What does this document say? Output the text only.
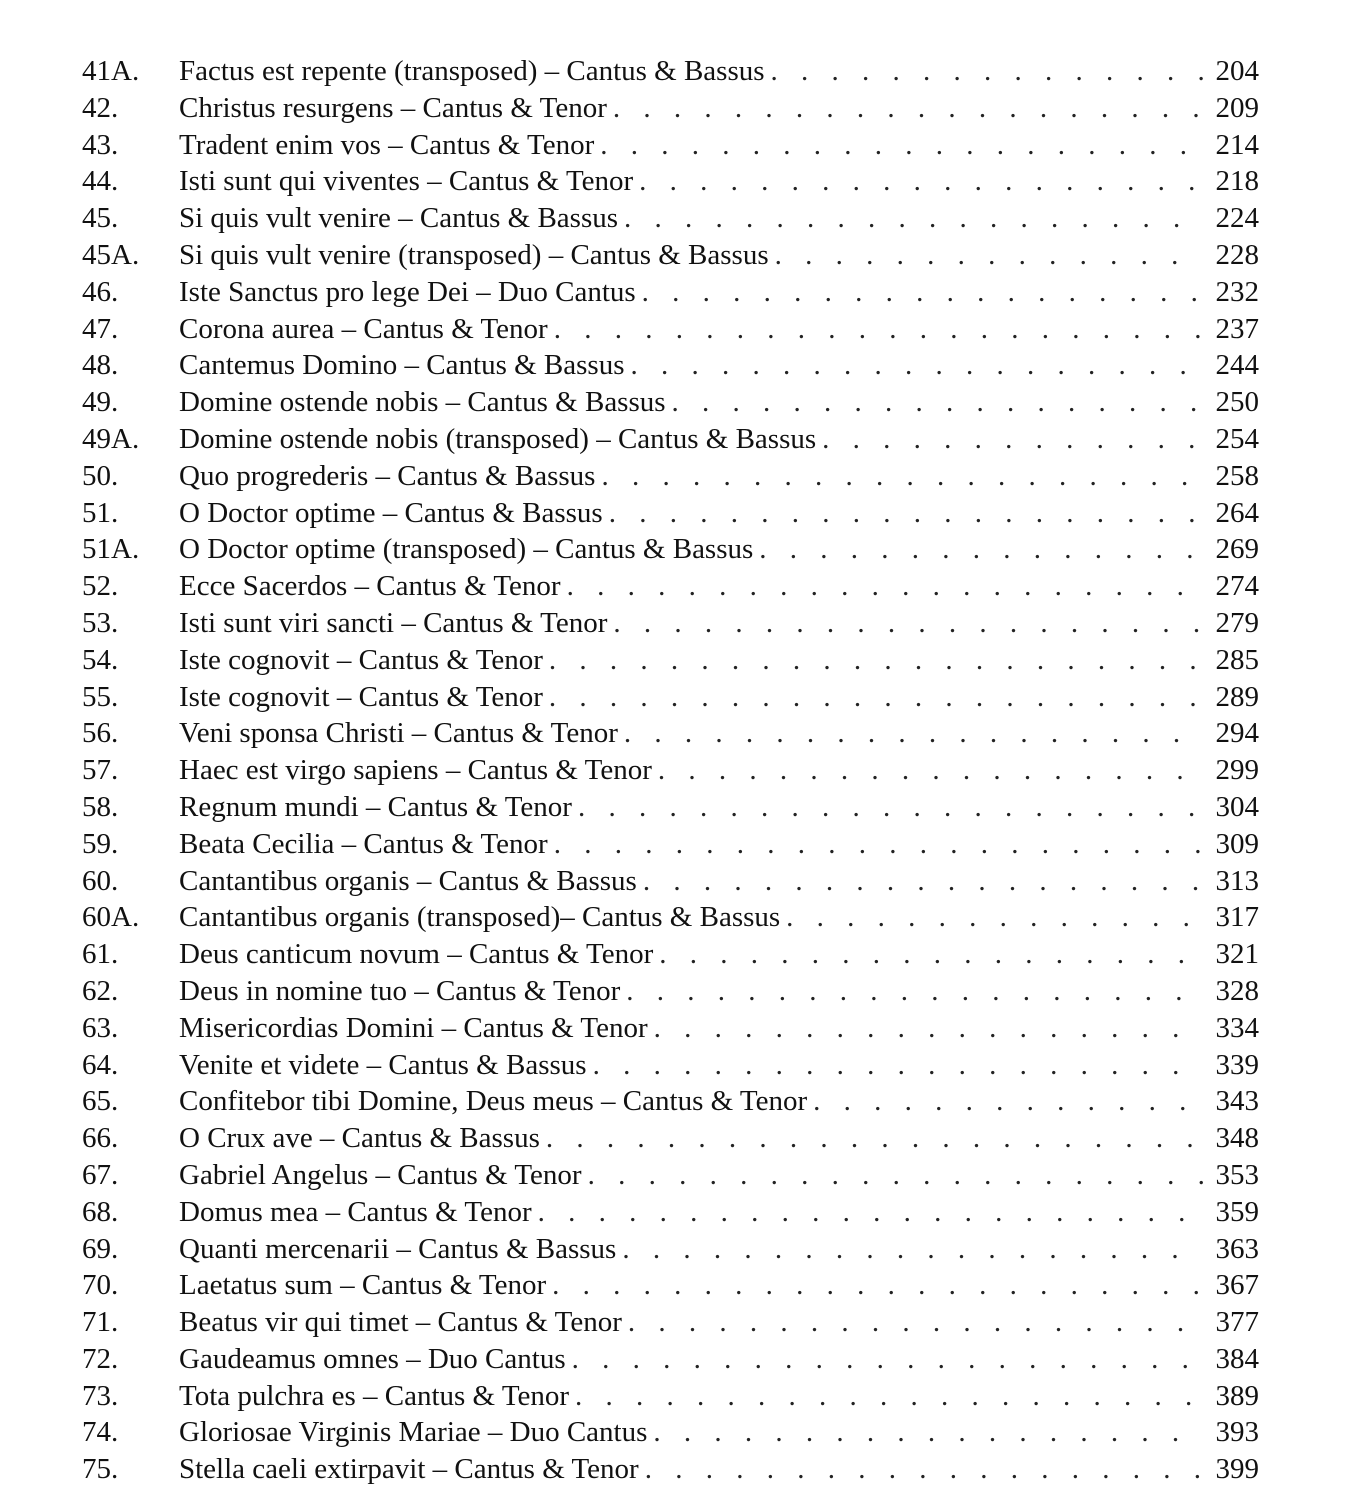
41A.	Factus est repente (transposed) – Cantus & Bassus . . .	204
42.	Christus resurgens – Cantus & Tenor . . .	209
43.	Tradent enim vos – Cantus & Tenor . . .	214
44.	Isti sunt qui viventes – Cantus & Tenor . . .	218
45.	Si quis vult venire – Cantus & Bassus . . .	224
45A.	Si quis vult venire (transposed) – Cantus & Bassus . . .	228
46.	Iste Sanctus pro lege Dei – Duo Cantus . . .	232
47.	Corona aurea – Cantus & Tenor . . .	237
48.	Cantemus Domino – Cantus & Bassus . . .	244
49.	Domine ostende nobis – Cantus & Bassus . . .	250
49A.	Domine ostende nobis (transposed) – Cantus & Bassus . . .	254
50.	Quo progrederis – Cantus & Bassus . . .	258
51.	O Doctor optime – Cantus & Bassus . . .	264
51A.	O Doctor optime (transposed) – Cantus & Bassus . . .	269
52.	Ecce Sacerdos – Cantus & Tenor . . .	274
53.	Isti sunt viri sancti – Cantus & Tenor . . .	279
54.	Iste cognovit – Cantus & Tenor . . .	285
55.	Iste cognovit – Cantus & Tenor . . .	289
56.	Veni sponsa Christi – Cantus & Tenor . . .	294
57.	Haec est virgo sapiens – Cantus & Tenor . . .	299
58.	Regnum mundi – Cantus & Tenor . . .	304
59.	Beata Cecilia – Cantus & Tenor . . .	309
60.	Cantantibus organis – Cantus & Bassus . . .	313
60A.	Cantantibus organis (transposed)– Cantus & Bassus . . .	317
61.	Deus canticum novum – Cantus & Tenor . . .	321
62.	Deus in nomine tuo – Cantus & Tenor . . .	328
63.	Misericordias Domini – Cantus & Tenor . . .	334
64.	Venite et videte – Cantus & Bassus . . .	339
65.	Confitebor tibi Domine, Deus meus – Cantus & Tenor . . .	343
66.	O Crux ave – Cantus & Bassus . . .	348
67.	Gabriel Angelus – Cantus & Tenor . . .	353
68.	Domus mea – Cantus & Tenor . . .	359
69.	Quanti mercenarii – Cantus & Bassus . . .	363
70.	Laetatus sum – Cantus & Tenor . . .	367
71.	Beatus vir qui timet – Cantus & Tenor . . .	377
72.	Gaudeamus omnes – Duo Cantus . . .	384
73.	Tota pulchra es – Cantus & Tenor . . .	389
74.	Gloriosae Virginis Mariae – Duo Cantus . . .	393
75.	Stella caeli extirpavit – Cantus & Tenor . . .	399
